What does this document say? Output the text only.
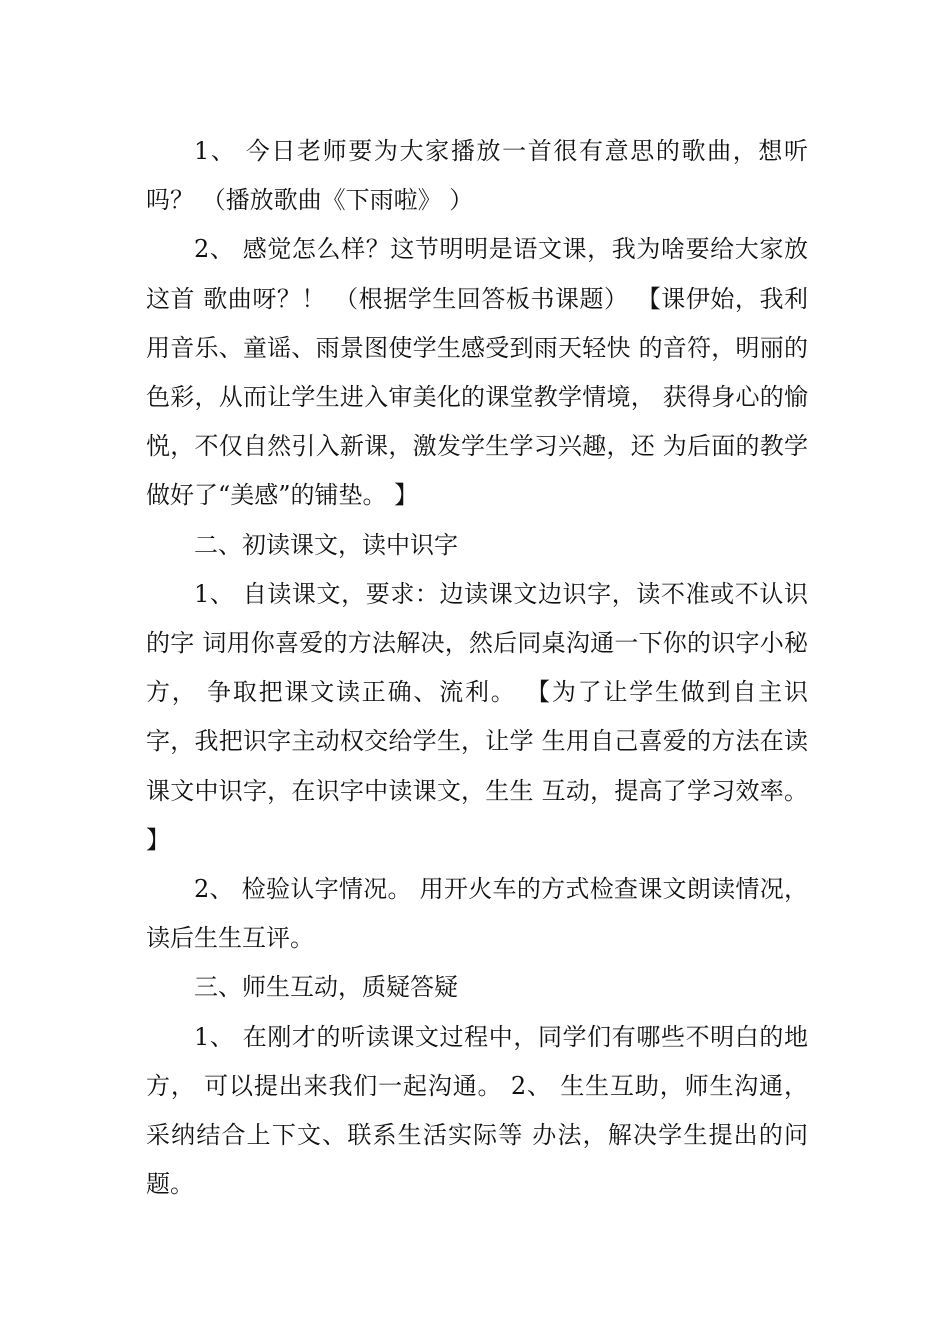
1、 今日老师要为大家播放一首很有意思的歌曲，想听吗？ （播放歌曲《下雨啦》 ）

2、 感觉怎么样？这节明明是语文课，我为啥要给大家放这首 歌曲呀？！ （根据学生回答板书课题） 【课伊始，我利用音乐、童谣、雨景图使学生感受到雨天轻快 的音符，明丽的色彩，从而让学生进入审美化的课堂教学情境， 获得身心的愉悦，不仅自然引入新课，激发学生学习兴趣，还 为后面的教学做好了“美感”的铺垫。 】

二、初读课文，读中识字

1、 自读课文，要求：边读课文边识字，读不准或不认识的字 词用你喜爱的方法解决，然后同桌沟通一下你的识字小秘方， 争取把课文读正确、流利。 【为了让学生做到自主识字，我把识字主动权交给学生，让学 生用自己喜爱的方法在读课文中识字，在识字中读课文，生生 互动，提高了学习效率。 】

2、 检验认字情况。 用开火车的方式检查课文朗读情况，读后生生互评。

三、师生互动，质疑答疑

1、 在刚才的听读课文过程中，同学们有哪些不明白的地方， 可以提出来我们一起沟通。 2、 生生互助，师生沟通，采纳结合上下文、联系生活实际等 办法，解决学生提出的问题。
